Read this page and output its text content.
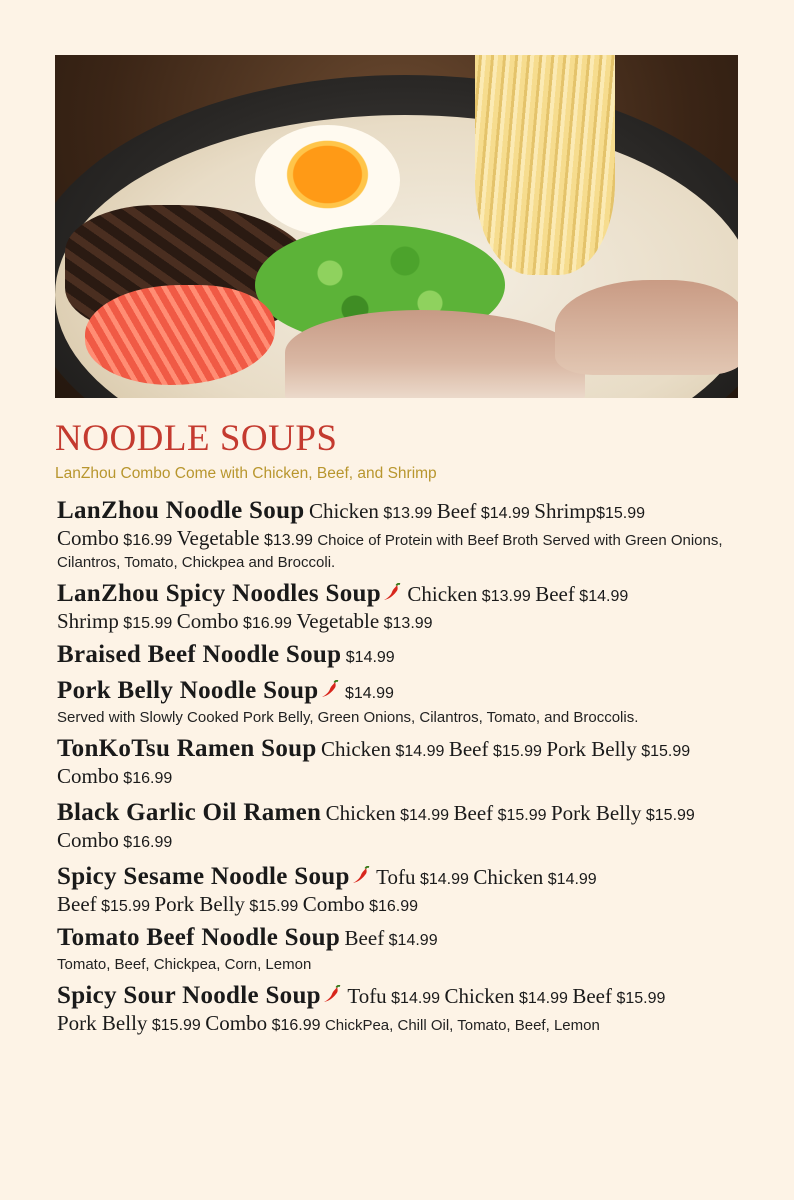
NOODLE SOUPS

LanZhou Combo Come with Chicken, Beef, and Shrimp

LanZhou Noodle Soup Chicken $13.99 Beef $14.99 Shrimp$15.99
Combo $16.99 Vegetable $13.99 Choice of Protein with Beef Broth Served with Green Onions, Cilantros, Tomato, Chickpea and Broccoli.
LanZhou Spicy Noodles Soup Chicken $13.99 Beef $14.99
Shrimp $15.99 Combo $16.99 Vegetable $13.99
Braised Beef Noodle Soup $14.99
Pork Belly Noodle Soup $14.99
Served with Slowly Cooked Pork Belly, Green Onions, Cilantros, Tomato, and Broccolis.
TonKoTsu Ramen Soup Chicken $14.99 Beef $15.99 Pork Belly $15.99
Combo $16.99
Black Garlic Oil Ramen Chicken $14.99 Beef $15.99 Pork Belly $15.99
Combo $16.99
Spicy Sesame Noodle Soup Tofu $14.99 Chicken $14.99
Beef $15.99 Pork Belly $15.99 Combo $16.99
Tomato Beef Noodle Soup Beef $14.99
Tomato, Beef, Chickpea, Corn, Lemon
Spicy Sour Noodle Soup Tofu $14.99 Chicken $14.99 Beef $15.99
Pork Belly $15.99 Combo $16.99 ChickPea, Chill Oil, Tomato, Beef, Lemon
